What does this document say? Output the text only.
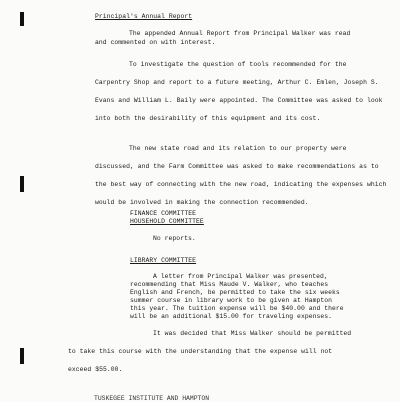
Principal's Annual Report
The appended Annual Report from Principal Walker was read
and commented on with interest.
To investigate the question of tools recommended for the
Carpentry Shop and report to a future meeting, Arthur C. Emlen, Joseph S.
Evans and William L. Baily were appointed. The Committee was asked to look
into both the desirability of this equipment and its cost.
The new state road and its relation to our property were
discussed, and the Farm Committee was asked to make recommendations as to
the best way of connecting with the new road, indicating the expenses which
would be involved in making the connection recommended.
FINANCE COMMITTEE
HOUSEHOLD COMMITTEE
No reports.
LIBRARY COMMITTEE
A letter from Principal Walker was presented,
recommending that Miss Maude V. Walker, who teaches
English and French, be permitted to take the six weeks
summer course in library work to be given at Hampton
this year. The tuition expense will be $40.00 and there
will be an additional $15.00 for traveling expenses.
It was decided that Miss Walker should be permitted
to take this course with the understanding that the expense will not
exceed $55.00.
TUSKEGEE INSTITUTE AND HAMPTON
